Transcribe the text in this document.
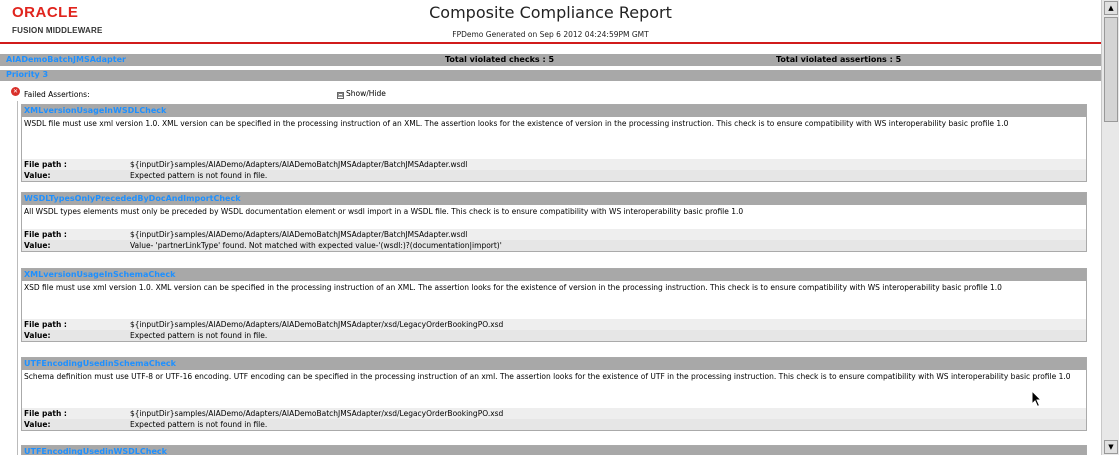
ORACLE
FUSION MIDDLEWARE
Composite Compliance Report
FPDemo Generated on Sep 6 2012 04:24:59PM GMT
AIADemoBatchJMSAdapter	Total violated checks : 5	Total violated assertions : 5
Priority 3
✕ Failed Assertions:	⊟ Show/Hide
XMLversionUsageInWSDLCheck
WSDL file must use xml version 1.0. XML version can be specified in the processing instruction of an XML. The assertion looks for the existence of version in the processing instruction. This check is to ensure compatibility with WS interoperability basic profile 1.0
File path :	${inputDir}samples/AIADemo/Adapters/AIADemoBatchJMSAdapter/BatchJMSAdapter.wsdl
Value:	Expected pattern is not found in file.
WSDLTypesOnlyPrecededByDocAndImportCheck
All WSDL types elements must only be preceded by WSDL documentation element or wsdl import in a WSDL file. This check is to ensure compatibility with WS interoperability basic profile 1.0
File path :	${inputDir}samples/AIADemo/Adapters/AIADemoBatchJMSAdapter/BatchJMSAdapter.wsdl
Value:	Value- 'partnerLinkType' found. Not matched with expected value-'(wsdl:)?(documentation|import)'
XMLversionUsageInSchemaCheck
XSD file must use xml version 1.0. XML version can be specified in the processing instruction of an XML. The assertion looks for the existence of version in the processing instruction. This check is to ensure compatibility with WS interoperability basic profile 1.0
File path :	${inputDir}samples/AIADemo/Adapters/AIADemoBatchJMSAdapter/xsd/LegacyOrderBookingPO.xsd
Value:	Expected pattern is not found in file.
UTFEncodingUsedinSchemaCheck
Schema definition must use UTF-8 or UTF-16 encoding. UTF encoding can be specified in the processing instruction of an xml. The assertion looks for the existence of UTF in the processing instruction. This check is to ensure compatibility with WS interoperability basic profile 1.0
File path :	${inputDir}samples/AIADemo/Adapters/AIADemoBatchJMSAdapter/xsd/LegacyOrderBookingPO.xsd
Value:	Expected pattern is not found in file.
UTFEncodingUsedinWSDLCheck
▲
▼
